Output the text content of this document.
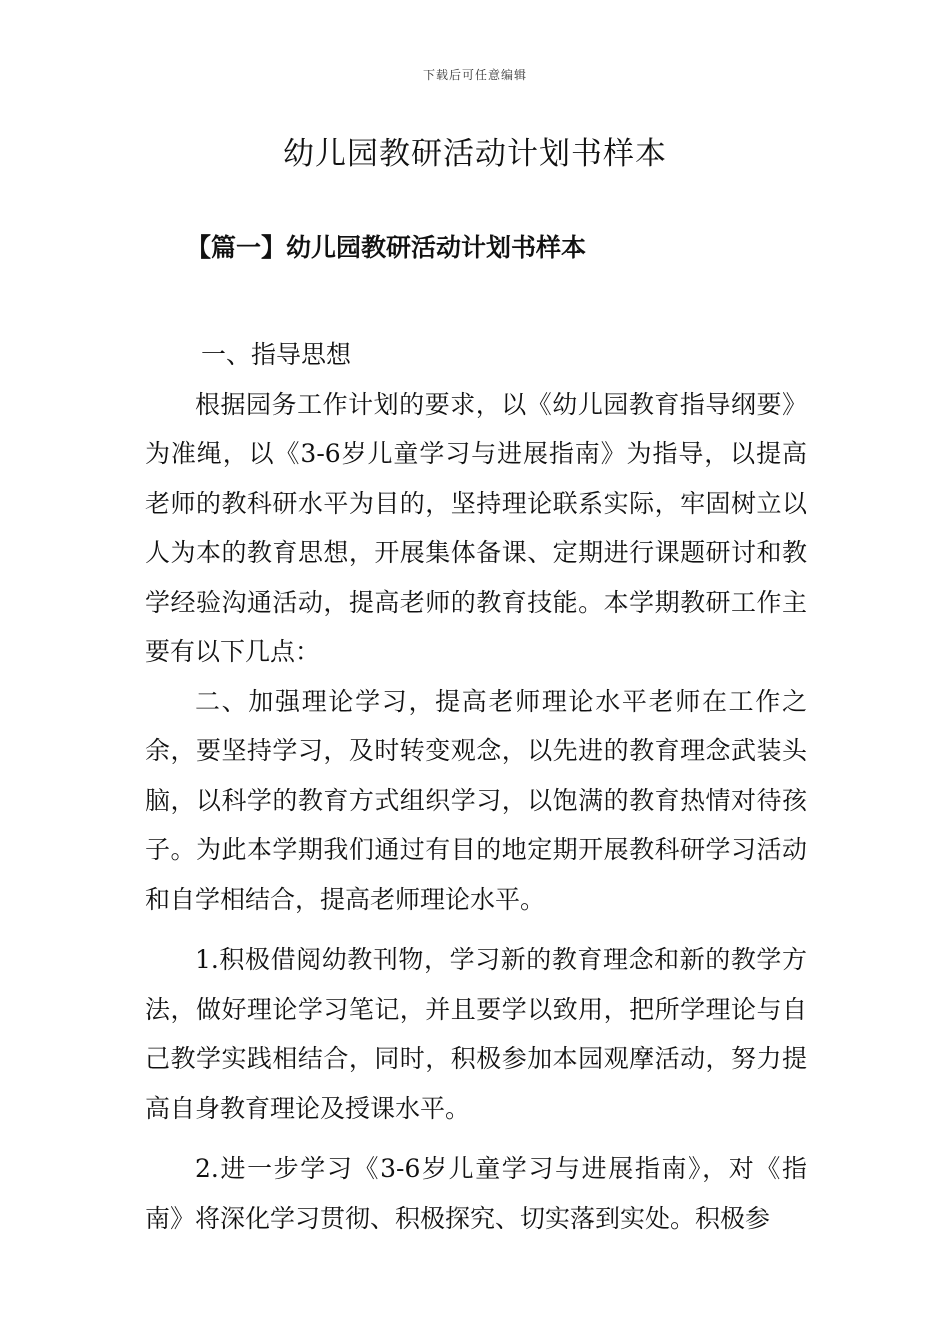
下载后可任意编辑
幼儿园教研活动计划书样本
【篇一】幼儿园教研活动计划书样本

一、指导思想

根据园务工作计划的要求，以《幼儿园教育指导纲要》为准绳，以《3-6岁儿童学习与进展指南》为指导，以提高老师的教科研水平为目的，坚持理论联系实际，牢固树立以人为本的教育思想，开展集体备课、定期进行课题研讨和教学经验沟通活动，提高老师的教育技能。本学期教研工作主要有以下几点：

二、加强理论学习，提高老师理论水平老师在工作之余，要坚持学习，及时转变观念，以先进的教育理念武装头脑，以科学的教育方式组织学习，以饱满的教育热情对待孩子。为此本学期我们通过有目的地定期开展教科研学习活动和自学相结合，提高老师理论水平。

1.积极借阅幼教刊物，学习新的教育理念和新的教学方法，做好理论学习笔记，并且要学以致用，把所学理论与自己教学实践相结合，同时，积极参加本园观摩活动，努力提高自身教育理论及授课水平。

2.进一步学习《3-6岁儿童学习与进展指南》，对《指南》将深化学习贯彻、积极探究、切实落到实处。积极参
